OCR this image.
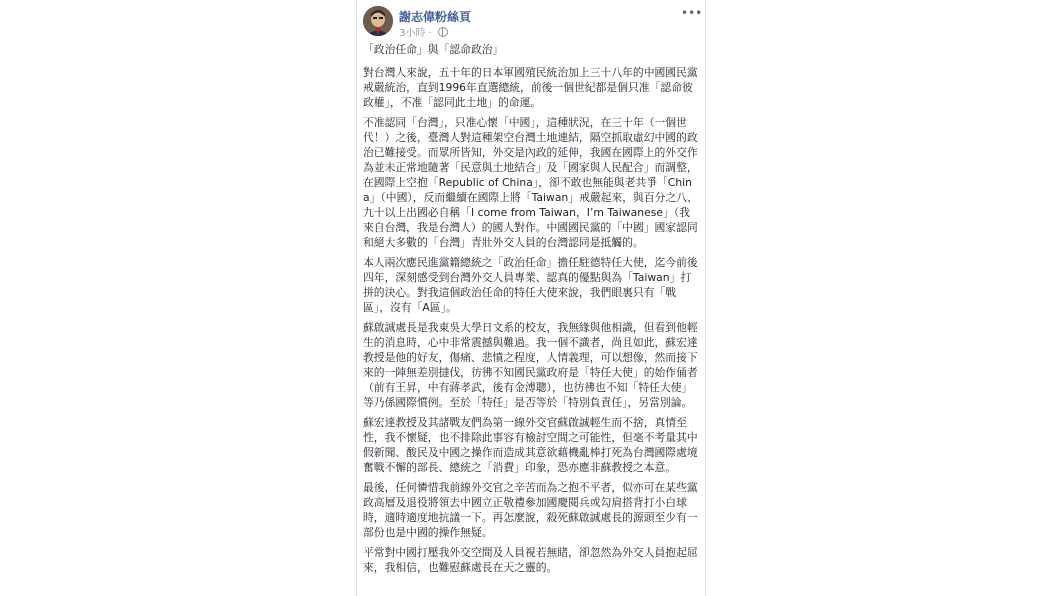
謝志偉粉絲頁
3小時 ·
•••

「政治任命」與「認命政治」

對台灣人來說，五十年的日本軍國殖民統治加上三十八年的中國國民黨戒嚴統治，直到1996年直選總統，前後一個世紀都是個只准「認命彼政權」，不准「認同此土地」的命運。

不准認同「台灣」，只准心懷「中國」，這種狀況，在三十年（一個世代！）之後，臺灣人對這種架空台灣土地連結，隔空抓取虛幻中國的政治已難接受。而眾所皆知，外交是內政的延伸，我國在國際上的外交作為並未正常地隨著「民意與土地結合」及「國家與人民配合」而調整，在國際上空抱「Republic of China」，卻不敢也無能與老共爭「China」（中國），反而繼續在國際上將「Taiwan」戒嚴起來，與百分之八、九十以上出國必自稱「I come from Taiwan，I’m Taiwanese」（我來自台灣，我是台灣人）的國人對作。中國國民黨的「中國」國家認同和絕大多數的「台灣」青壯外交人員的台灣認同是抵觸的。

本人兩次應民進黨籍總統之「政治任命」擔任駐德特任大使，迄今前後四年，深刻感受到台灣外交人員專業、認真的優點與為「Taiwan」打拼的決心。對我這個政治任命的特任大使來說，我們眼裏只有「戰區」，沒有「A區」。

蘇啟誠處長是我東吳大學日文系的校友，我無緣與他相識，但看到他輕生的消息時，心中非常震撼與難過。我一個不識者，尚且如此，蘇宏達教授是他的好友，傷痛、悲憤之程度，人情義理，可以想像，然而接下來的一陣無差別撻伐，彷彿不知國民黨政府是「特任大使」的始作俑者（前有王昇，中有蔣孝武，後有金溥聰），也彷彿也不知「特任大使」等乃係國際慣例。至於「特任」是否等於「特別負責任」，另當別論。

蘇宏達教授及其諸戰友們為第一線外交官蘇啟誠輕生而不捨，真情至性，我不懷疑，也不排除此事容有檢討空間之可能性，但毫不考量其中假新聞、酸民及中國之操作而造成其意欲藉機亂棒打死為台灣國際處境奮戰不懈的部長、總統之「消費」印象，恐亦應非蘇教授之本意。

最後，任何憐惜我前線外交官之辛苦而為之抱不平者，似亦可在某些黨政高層及退役將領去中國立正敬禮參加國慶閱兵或勾肩搭背打小白球時，適時適度地抗議一下。再怎麼說，殺死蘇啟誠處長的源頭至少有一部份也是中國的操作無疑。

平常對中國打壓我外交空間及人員視若無睹，卻忽然為外交人員抱起屈來，我相信，也難慰蘇處長在天之靈的。
